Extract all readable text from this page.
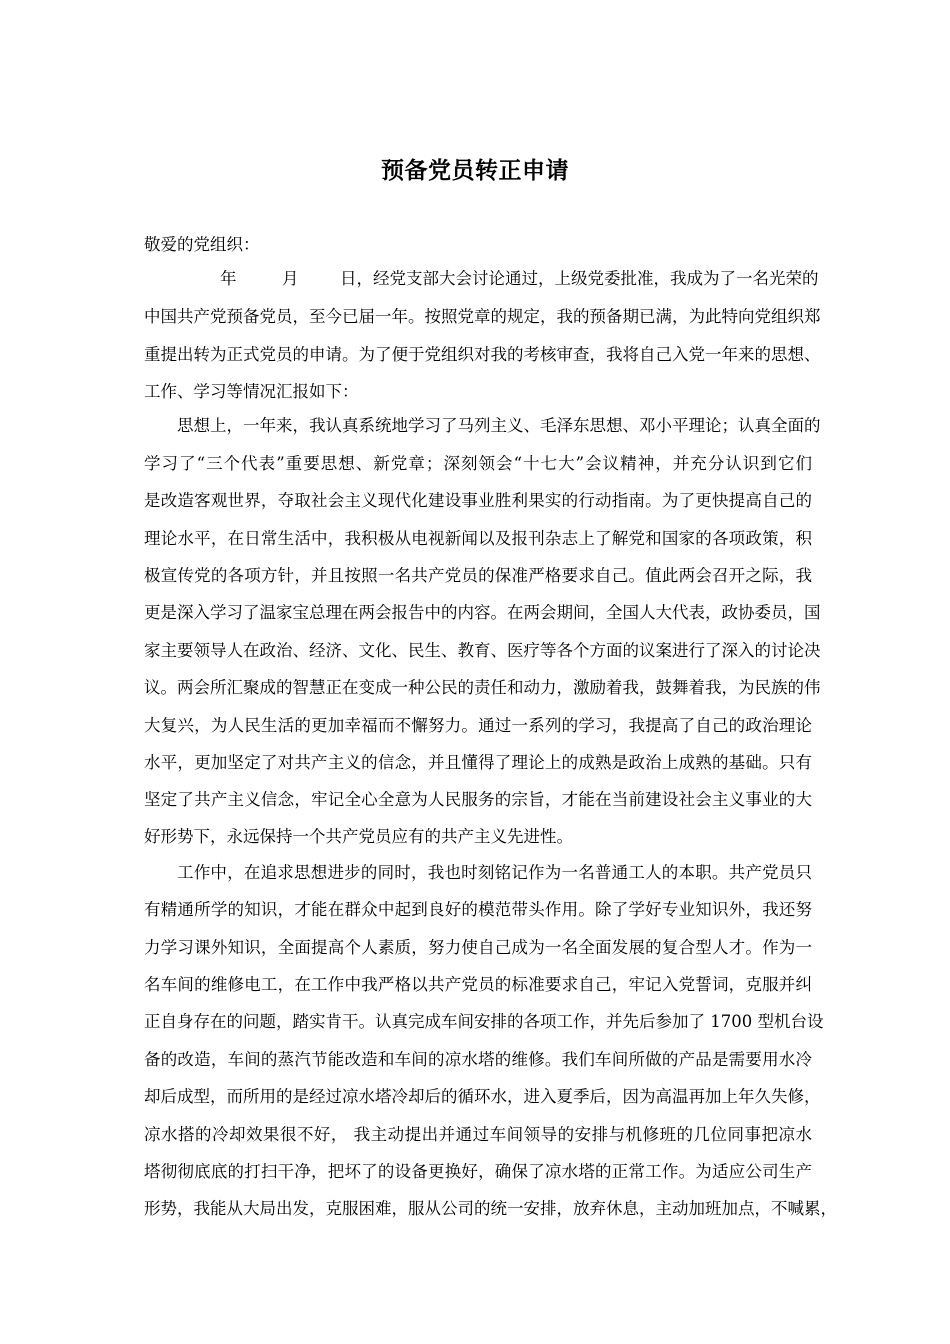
预备党员转正申请
敬爱的党组织：
年	月	日，经党支部大会讨论通过，上级党委批准，我成为了一名光荣的
中国共产党预备党员，至今已届一年。按照党章的规定，我的预备期已满，为此特向党组织郑
重提出转为正式党员的申请。为了便于党组织对我的考核审查，我将自己入党一年来的思想、
工作、学习等情况汇报如下：
思想上，一年来，我认真系统地学习了马列主义、毛泽东思想、邓小平理论；认真全面的
学习了“三个代表”重要思想、新党章；深刻领会“十七大”会议精神，并充分认识到它们
是改造客观世界，夺取社会主义现代化建设事业胜利果实的行动指南。为了更快提高自己的
理论水平，在日常生活中，我积极从电视新闻以及报刊杂志上了解党和国家的各项政策，积
极宣传党的各项方针，并且按照一名共产党员的保准严格要求自己。值此两会召开之际，我
更是深入学习了温家宝总理在两会报告中的内容。在两会期间，全国人大代表，政协委员，国
家主要领导人在政治、经济、文化、民生、教育、医疗等各个方面的议案进行了深入的讨论决
议。两会所汇聚成的智慧正在变成一种公民的责任和动力，激励着我，鼓舞着我，为民族的伟
大复兴，为人民生活的更加幸福而不懈努力。通过一系列的学习，我提高了自己的政治理论
水平，更加坚定了对共产主义的信念，并且懂得了理论上的成熟是政治上成熟的基础。只有
坚定了共产主义信念，牢记全心全意为人民服务的宗旨，才能在当前建设社会主义事业的大
好形势下，永远保持一个共产党员应有的共产主义先进性。
工作中，在追求思想进步的同时，我也时刻铭记作为一名普通工人的本职。共产党员只
有精通所学的知识，才能在群众中起到良好的模范带头作用。除了学好专业知识外，我还努
力学习课外知识，全面提高个人素质，努力使自己成为一名全面发展的复合型人才。作为一
名车间的维修电工，在工作中我严格以共产党员的标准要求自己，牢记入党誓词，克服并纠
正自身存在的问题，踏实肯干。认真完成车间安排的各项工作，并先后参加了 1700 型机台设
备的改造，车间的蒸汽节能改造和车间的凉水塔的维修。我们车间所做的产品是需要用水冷
却后成型，而所用的是经过凉水塔冷却后的循环水，进入夏季后，因为高温再加上年久失修，
凉水搭的冷却效果很不好， 我主动提出并通过车间领导的安排与机修班的几位同事把凉水
塔彻彻底底的打扫干净，把坏了的设备更换好，确保了凉水塔的正常工作。为适应公司生产
形势，我能从大局出发，克服困难，服从公司的统一安排，放弃休息，主动加班加点，不喊累，
